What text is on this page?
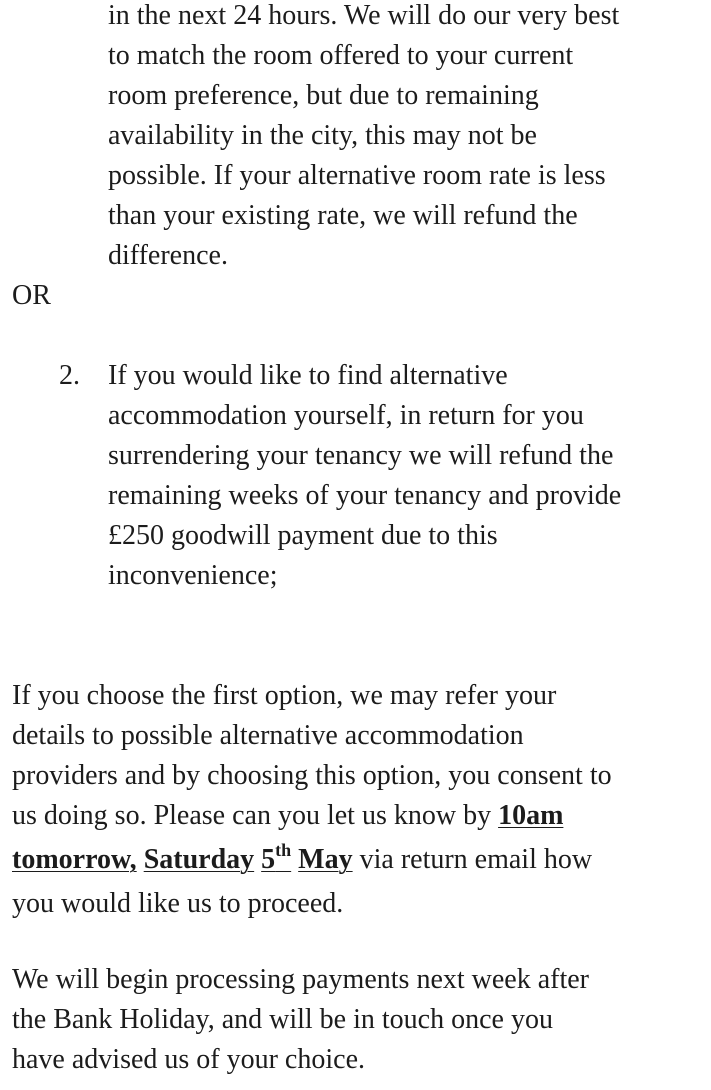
in the next 24 hours. We will do our very best
to match the room offered to your current
room preference, but due to remaining
availability in the city, this may not be
possible. If your alternative room rate is less
than your existing rate, we will refund the
difference.
OR
2. If you would like to find alternative
accommodation yourself, in return for you
surrendering your tenancy we will refund the
remaining weeks of your tenancy and provide
£250 goodwill payment due to this
inconvenience;
If you choose the first option, we may refer your
details to possible alternative accommodation
providers and by choosing this option, you consent to
us doing so. Please can you let us know by 10am
tomorrow, Saturday 5th May via return email how
you would like us to proceed.
We will begin processing payments next week after
the Bank Holiday, and will be in touch once you
have advised us of your choice.
